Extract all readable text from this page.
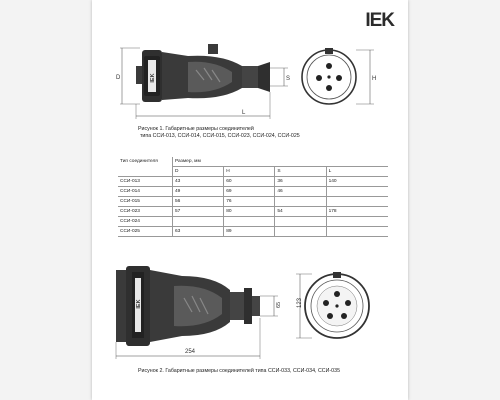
IEK
D	IEK	S
L
H
Рисунок 1. Габаритные размеры соединителей
типа ССИ-013, ССИ-014, ССИ-015, ССИ-023, ССИ-024, ССИ-025
Тип соединителя	Размер, мм			
	D	H	S	L
ССИ-013	43	60	36	140
ССИ-014	49	69	46	
ССИ-015	56	76		
ССИ-023	57	80	54	178
ССИ-024				
ССИ-025	63	89		
IEK	65
254
123
Рисунок 2. Габаритные размеры соединителей типа ССИ-033, ССИ-034, ССИ-035
